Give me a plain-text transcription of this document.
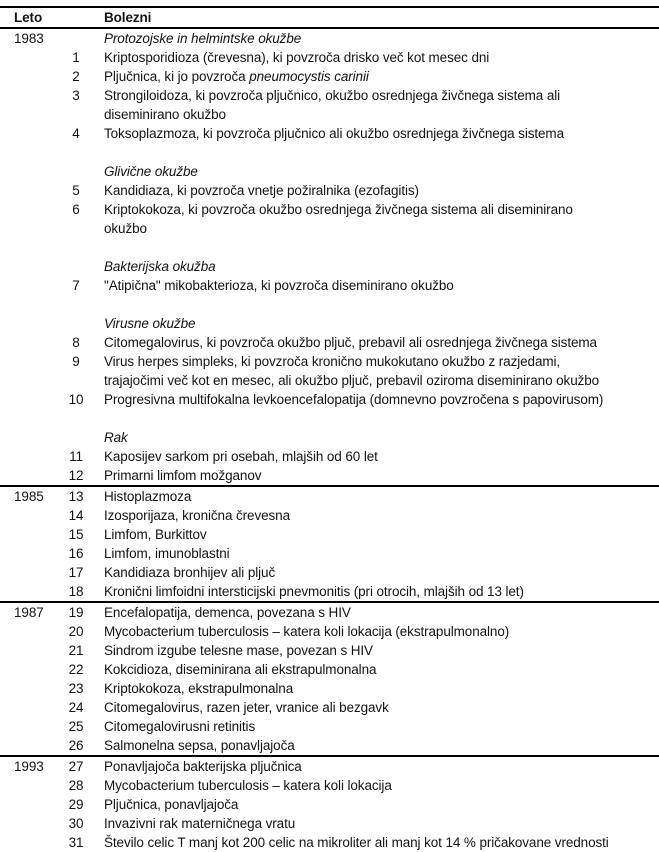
Leto		Bolezni
1983		Protozojske in helmintske okužbe

	1	Kriptosporidioza (črevesna), ki povzroča drisko več kot mesec dni

	2	Pljučnica, ki jo povzroča pneumocystis carinii

	3	Strongiloidoza, ki povzroča pljučnico, okužbo osrednjega živčnega sistema ali
diseminirano okužbo

	4	Toksoplazmoza, ki povzroča pljučnico ali okužbo osrednjega živčnega sistema

		Glivične okužbe

	5	Kandidiaza, ki povzroča vnetje požiralnika (ezofagitis)

	6	Kriptokokoza, ki povzroča okužbo osrednjega živčnega sistema ali diseminirano
okužbo

		Bakterijska okužba

	7	"Atipična" mikobakterioza, ki povzroča diseminirano okužbo

		Virusne okužbe

	8	Citomegalovirus, ki povzroča okužbo pljuč, prebavil ali osrednjega živčnega sistema

	9	Virus herpes simpleks, ki povzroča kronično mukokutano okužbo z razjedami,
trajajočimi več kot en mesec, ali okužbo pljuč, prebavil oziroma diseminirano okužbo

	10	Progresivna multifokalna levkoencefalopatija (domnevno povzročena s papovirusom)

		Rak

	11	Kaposijev sarkom pri osebah, mlajših od 60 let

	12	Primarni limfom možganov

1985	13	Histoplazmoza

	14	Izosporijaza, kronična črevesna

	15	Limfom, Burkittov

	16	Limfom, imunoblastni

	17	Kandidiaza bronhijev ali pljuč

	18	Kronični limfoidni intersticijski pnevmonitis (pri otrocih, mlajših od 13 let)

1987	19	Encefalopatija, demenca, povezana s HIV

	20	Mycobacterium tuberculosis – katera koli lokacija (ekstrapulmonalno)

	21	Sindrom izgube telesne mase, povezan s HIV

	22	Kokcidioza, diseminirana ali ekstrapulmonalna

	23	Kriptokokoza, ekstrapulmonalna

	24	Citomegalovirus, razen jeter, vranice ali bezgavk

	25	Citomegalovirusni retinitis

	26	Salmonelna sepsa, ponavljajoča

1993	27	Ponavljajoča bakterijska pljučnica

	28	Mycobacterium tuberculosis – katera koli lokacija

	29	Pljučnica, ponavljajoča

	30	Invazivni rak materničnega vratu

	31	Število celic T manj kot 200 celic na mikroliter ali manj kot 14 % pričakovane vrednosti
